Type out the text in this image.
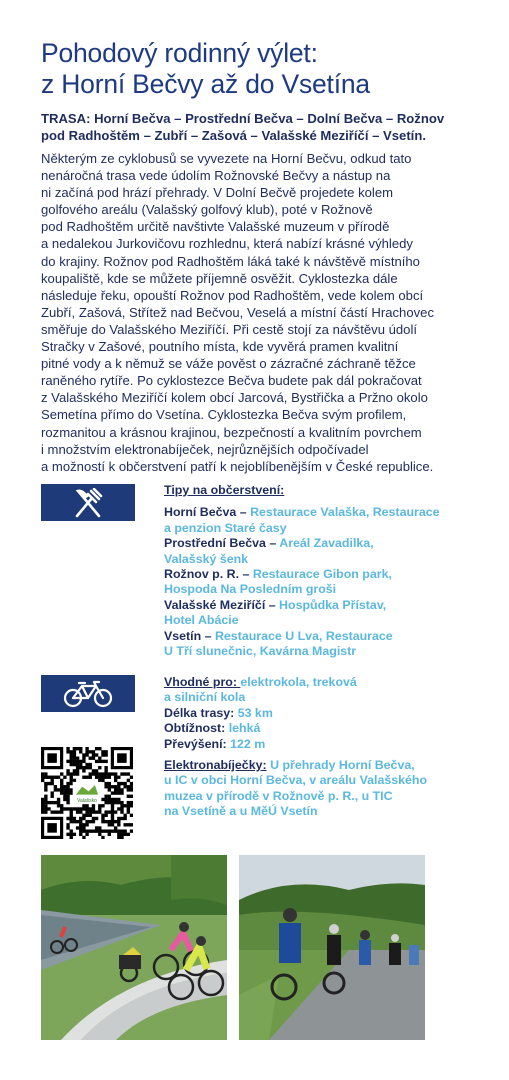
Pohodový rodinný výlet:
z Horní Bečvy až do Vsetína
TRASA: Horní Bečva – Prostřední Bečva – Dolní Bečva – Rožnov
pod Radhoštěm – Zubří – Zašová – Valašské Meziříčí – Vsetín.
Některým ze cyklobusů se vyvezete na Horní Bečvu, odkud tato
nenáročná trasa vede údolím Rožnovské Bečvy a nástup na
ni začíná pod hrází přehrady. V Dolní Bečvě projedete kolem
golfového areálu (Valašský golfový klub), poté v Rožnově
pod Radhoštěm určitě navštivte Valašské muzeum v přírodě
a nedalekou Jurkovičovu rozhlednu, která nabízí krásné výhledy
do krajiny. Rožnov pod Radhoštěm láká také k návštěvě místního
koupaliště, kde se můžete příjemně osvěžit. Cyklostezka dále
následuje řeku, opouští Rožnov pod Radhoštěm, vede kolem obcí
Zubří, Zašová, Střítež nad Bečvou, Veselá a místní částí Hrachovec
směřuje do Valašského Meziříčí. Při cestě stojí za návštěvu údolí
Stračky v Zašové, poutního místa, kde vyvěrá pramen kvalitní
pitné vody a k němuž se váže pověst o zázračné záchraně těžce
raněného rytíře. Po cyklostezce Bečva budete pak dál pokračovat
z Valašského Meziříčí kolem obcí Jarcová, Bystřička a Pržno okolo
Semetína přímo do Vsetína. Cyklostezka Bečva svým profilem,
rozmanitou a krásnou krajinou, bezpečností a kvalitním povrchem
i množstvím elektronabíječek, nejrůznějších odpočívadel
a možností k občerstvení patří k nejoblíbenějším v České republice.
Tipy na občerstvení:
Horní Bečva – Restaurace Valaška, Restaurace
a penzion Staré časy
Prostřední Bečva – Areál Zavadilka,
Valašský šenk
Rožnov p. R. – Restaurace Gibon park,
Hospoda Na Posledním groši
Valašské Meziříčí – Hospůdka Přístav,
Hotel Abácie
Vsetín – Restaurace U Lva, Restaurace
U Tří slunečnic, Kavárna Magistr
Vhodné pro: elektrokola, treková
a silniční kola
Délka trasy: 53 km
Obtížnost: lehká
Převýšení: 122 m
Valašsko
Elektronabíječky: U přehrady Horní Bečva,
u IC v obci Horní Bečva, v areálu Valašského
muzea v přírodě v Rožnově p. R., u TIC
na Vsetíně a u MěÚ Vsetín
